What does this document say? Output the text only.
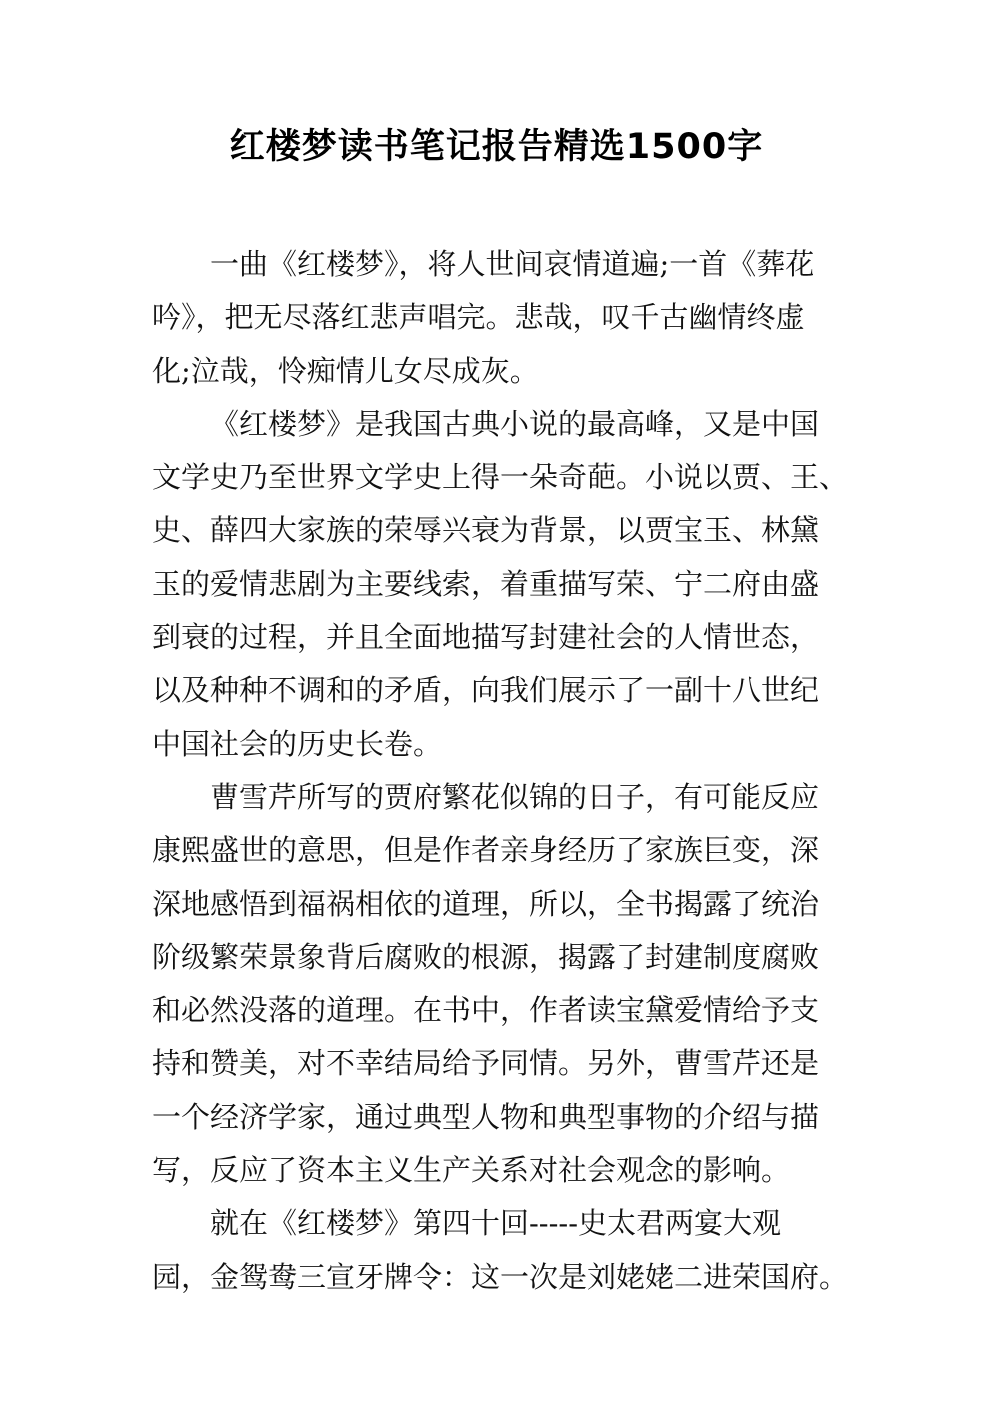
红楼梦读书笔记报告精选1500字
一曲《红楼梦》，将人世间哀情道遍;一首《葬花
吟》，把无尽落红悲声唱完。悲哉，叹千古幽情终虚
化;泣哉，怜痴情儿女尽成灰。
《红楼梦》是我国古典小说的最高峰，又是中国
文学史乃至世界文学史上得一朵奇葩。小说以贾、王、
史、薛四大家族的荣辱兴衰为背景，以贾宝玉、林黛
玉的爱情悲剧为主要线索，着重描写荣、宁二府由盛
到衰的过程，并且全面地描写封建社会的人情世态，
以及种种不调和的矛盾，向我们展示了一副十八世纪
中国社会的历史长卷。
曹雪芹所写的贾府繁花似锦的日子，有可能反应
康熙盛世的意思，但是作者亲身经历了家族巨变，深
深地感悟到福祸相依的道理，所以，全书揭露了统治
阶级繁荣景象背后腐败的根源，揭露了封建制度腐败
和必然没落的道理。在书中，作者读宝黛爱情给予支
持和赞美，对不幸结局给予同情。另外，曹雪芹还是
一个经济学家，通过典型人物和典型事物的介绍与描
写，反应了资本主义生产关系对社会观念的影响。
就在《红楼梦》第四十回-----史太君两宴大观
园，金鸳鸯三宣牙牌令：这一次是刘姥姥二进荣国府。
